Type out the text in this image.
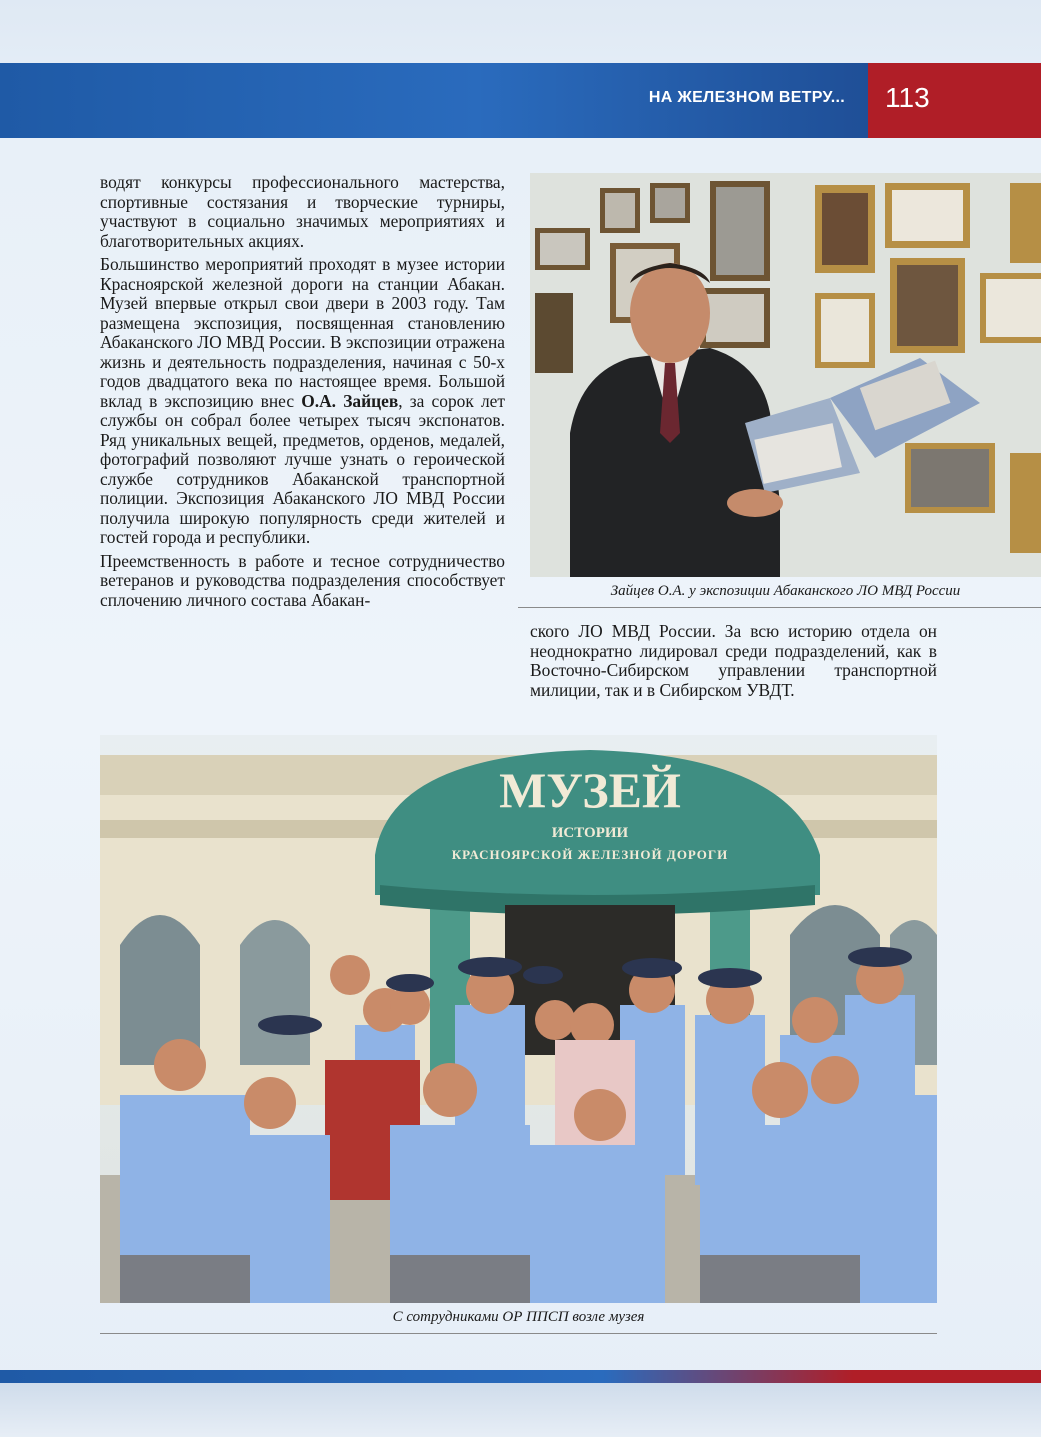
НА ЖЕЛЕЗНОМ ВЕТРУ... 113

водят конкурсы профессионального мастерства, спортивные состязания и творческие турниры, участвуют в социально значимых мероприятиях и благотворительных акциях.

Большинство мероприятий проходят в музее истории Красноярской железной дороги на станции Абакан. Музей впервые открыл свои двери в 2003 году. Там размещена экспозиция, посвященная становлению Абаканского ЛО МВД России. В экспозиции отражена жизнь и деятельность подразделения, начиная с 50-х годов двадцатого века по настоящее время. Большой вклад в экспозицию внес О.А. Зайцев, за сорок лет службы он собрал более четырех тысяч экспонатов. Ряд уникальных вещей, предметов, орденов, медалей, фотографий позволяют лучше узнать о героической службе сотрудников Абаканской транспортной полиции. Экспозиция Абаканского ЛО МВД России получила широкую популярность среди жителей и гостей города и республики.

Преемственность в работе и тесное сотрудничество ветеранов и руководства подразделения способствует сплочению личного состава Абакан-	Зайцев О.А. у экспозиции Абаканского ЛО МВД России

ского ЛО МВД России. За всю историю отдела он неоднократно лидировал среди подразделений, как в Восточно-Сибирском управлении транспортной милиции, так и в Сибирском УВДТ.

МУЗЕЙ
ИСТОРИИ
КРАСНОЯРСКОЙ ЖЕЛЕЗНОЙ ДОРОГИ
С сотрудниками ОР ППСП возле музея
